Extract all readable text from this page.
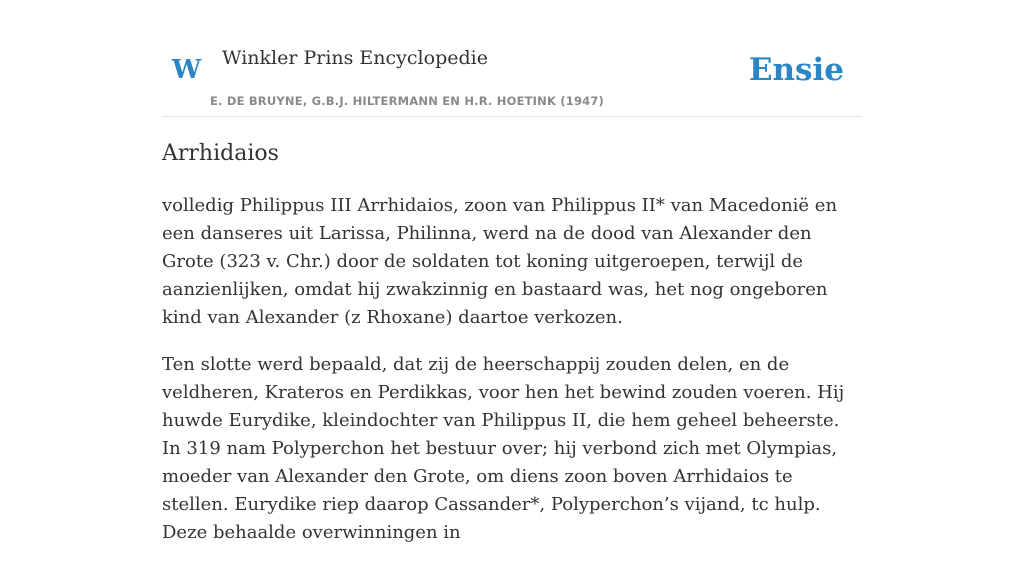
W Winkler Prins Encyclopedie
E. DE BRUYNE, G.B.J. HILTERMANN EN H.R. HOETINK (1947)
Ensie
Arrhidaios

volledig Philippus III Arrhidaios, zoon van Philippus II* van Macedonië en een danseres uit Larissa, Philinna, werd na de dood van Alexander den Grote (323 v. Chr.) door de soldaten tot koning uitgeroepen, terwijl de aanzienlijken, omdat hij zwakzinnig en bastaard was, het nog ongeboren kind van Alexander (z Rhoxane) daartoe verkozen.

Ten slotte werd bepaald, dat zij de heerschappij zouden delen, en de veldheren, Krateros en Perdikkas, voor hen het bewind zouden voeren. Hij huwde Eurydike, kleindochter van Philippus II, die hem geheel beheerste. In 319 nam Polyperchon het bestuur over; hij verbond zich met Olympias, moeder van Alexander den Grote, om diens zoon boven Arrhidaios te stellen. Eurydike riep daarop Cassander*, Polyperchon’s vijand, tc hulp. Deze behaalde overwinningen in
